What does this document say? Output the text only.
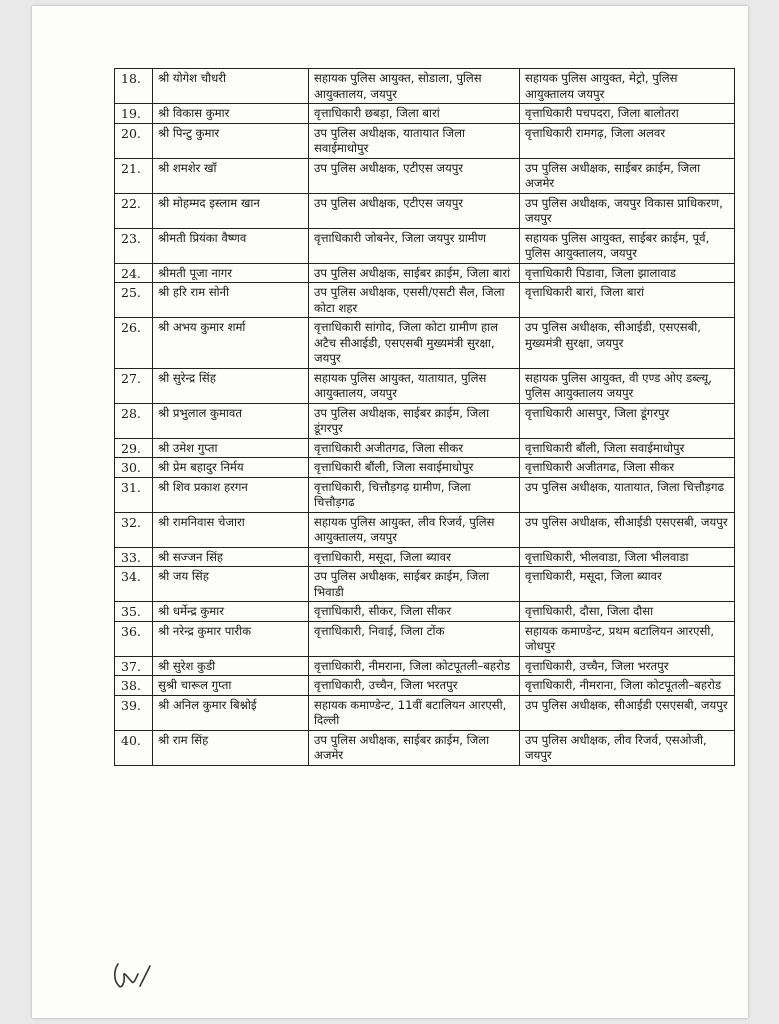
18.	श्री योगेश चौधरी	सहायक पुलिस आयुक्त, सोडाला, पुलिस आयुक्तालय, जयपुर	सहायक पुलिस आयुक्त, मेट्रो, पुलिस आयुक्तालय जयपुर
19.	श्री विकास कुमार	वृत्ताधिकारी छबड़ा, जिला बारां	वृत्ताधिकारी पचपदरा, जिला बालोतरा
20.	श्री पिन्टु कुमार	उप पुलिस अधीक्षक, यातायात जिला सवाईमाधोपुर	वृत्ताधिकारी रामगढ़, जिला अलवर
21.	श्री शमशेर खॉ	उप पुलिस अधीक्षक, एटीएस जयपुर	उप पुलिस अधीक्षक, साईबर क्राईम, जिला अजमेर
22.	श्री मोहम्मद इस्लाम खान	उप पुलिस अधीक्षक, एटीएस जयपुर	उप पुलिस अधीक्षक, जयपुर विकास प्राधिकरण, जयपुर
23.	श्रीमती प्रियंका वैष्णव	वृत्ताधिकारी जोबनेर, जिला जयपुर ग्रामीण	सहायक पुलिस आयुक्त, साईबर क्राईम, पूर्व, पुलिस आयुक्तालय, जयपुर
24.	श्रीमती पूजा नागर	उप पुलिस अधीक्षक, साईबर क्राईम, जिला बारां	वृत्ताधिकारी पिडावा, जिला झालावाड
25.	श्री हरि राम सोनी	उप पुलिस अधीक्षक, एससी/एसटी सैल, जिला कोटा शहर	वृत्ताधिकारी बारां, जिला बारां
26.	श्री अभय कुमार शर्मा	वृत्ताधिकारी सांगोद, जिला कोटा ग्रामीण हाल अटैच सीआईडी, एसएसबी मुख्यमंत्री सुरक्षा, जयपुर	उप पुलिस अधीक्षक, सीआईडी, एसएसबी, मुख्यमंत्री सुरक्षा, जयपुर
27.	श्री सुरेन्द्र सिंह	सहायक पुलिस आयुक्त, यातायात, पुलिस आयुक्तालय, जयपुर	सहायक पुलिस आयुक्त, वी एण्ड ओए डब्ल्यू, पुलिस आयुक्तालय जयपुर
28.	श्री प्रभुलाल कुमावत	उप पुलिस अधीक्षक, साईबर क्राईम, जिला डूंगरपुर	वृत्ताधिकारी आसपुर, जिला डूंगरपुर
29.	श्री उमेश गुप्ता	वृत्ताधिकारी अजीतगढ, जिला सीकर	वृत्ताधिकारी बौंली, जिला सवाईमाधोपुर
30.	श्री प्रेम बहादुर निर्मय	वृत्ताधिकारी बौंली, जिला सवाईमाधोपुर	वृत्ताधिकारी अजीतगढ, जिला सीकर
31.	श्री शिव प्रकाश हरगन	वृत्ताधिकारी, चित्तौड़गढ़ ग्रामीण, जिला चित्तौड़गढ	उप पुलिस अधीक्षक, यातायात, जिला चित्तौड़गढ
32.	श्री रामनिवास चेजारा	सहायक पुलिस आयुक्त, लीव रिजर्व, पुलिस आयुक्तालय, जयपुर	उप पुलिस अधीक्षक, सीआईडी एसएसबी, जयपुर
33.	श्री सज्जन सिंह	वृत्ताधिकारी, मसूदा, जिला ब्यावर	वृत्ताधिकारी, भीलवाडा, जिला भीलवाडा
34.	श्री जय सिंह	उप पुलिस अधीक्षक, साईबर क्राईम, जिला भिवाडी	वृत्ताधिकारी, मसूदा, जिला ब्यावर
35.	श्री धर्मेन्द्र कुमार	वृत्ताधिकारी, सीकर, जिला सीकर	वृत्ताधिकारी, दौसा, जिला दौसा
36.	श्री नरेन्द्र कुमार पारीक	वृत्ताधिकारी, निवाई, जिला टोंक	सहायक कमाण्डेन्ट, प्रथम बटालियन आरएसी, जोधपुर
37.	श्री सुरेश कुडी	वृत्ताधिकारी, नीमराना, जिला कोटपूतली–बहरोड	वृत्ताधिकारी, उच्चैन, जिला भरतपुर
38.	सुश्री चारूल गुप्ता	वृत्ताधिकारी, उच्चैन, जिला भरतपुर	वृत्ताधिकारी, नीमराना, जिला कोटपूतली–बहरोड
39.	श्री अनिल कुमार बिश्नोई	सहायक कमाण्डेन्ट, 11वीं बटालियन आरएसी, दिल्ली	उप पुलिस अधीक्षक, सीआईडी एसएसबी, जयपुर
40.	श्री राम सिंह	उप पुलिस अधीक्षक, साईबर क्राईम, जिला अजमेर	उप पुलिस अधीक्षक, लीव रिजर्व, एसओजी, जयपुर
